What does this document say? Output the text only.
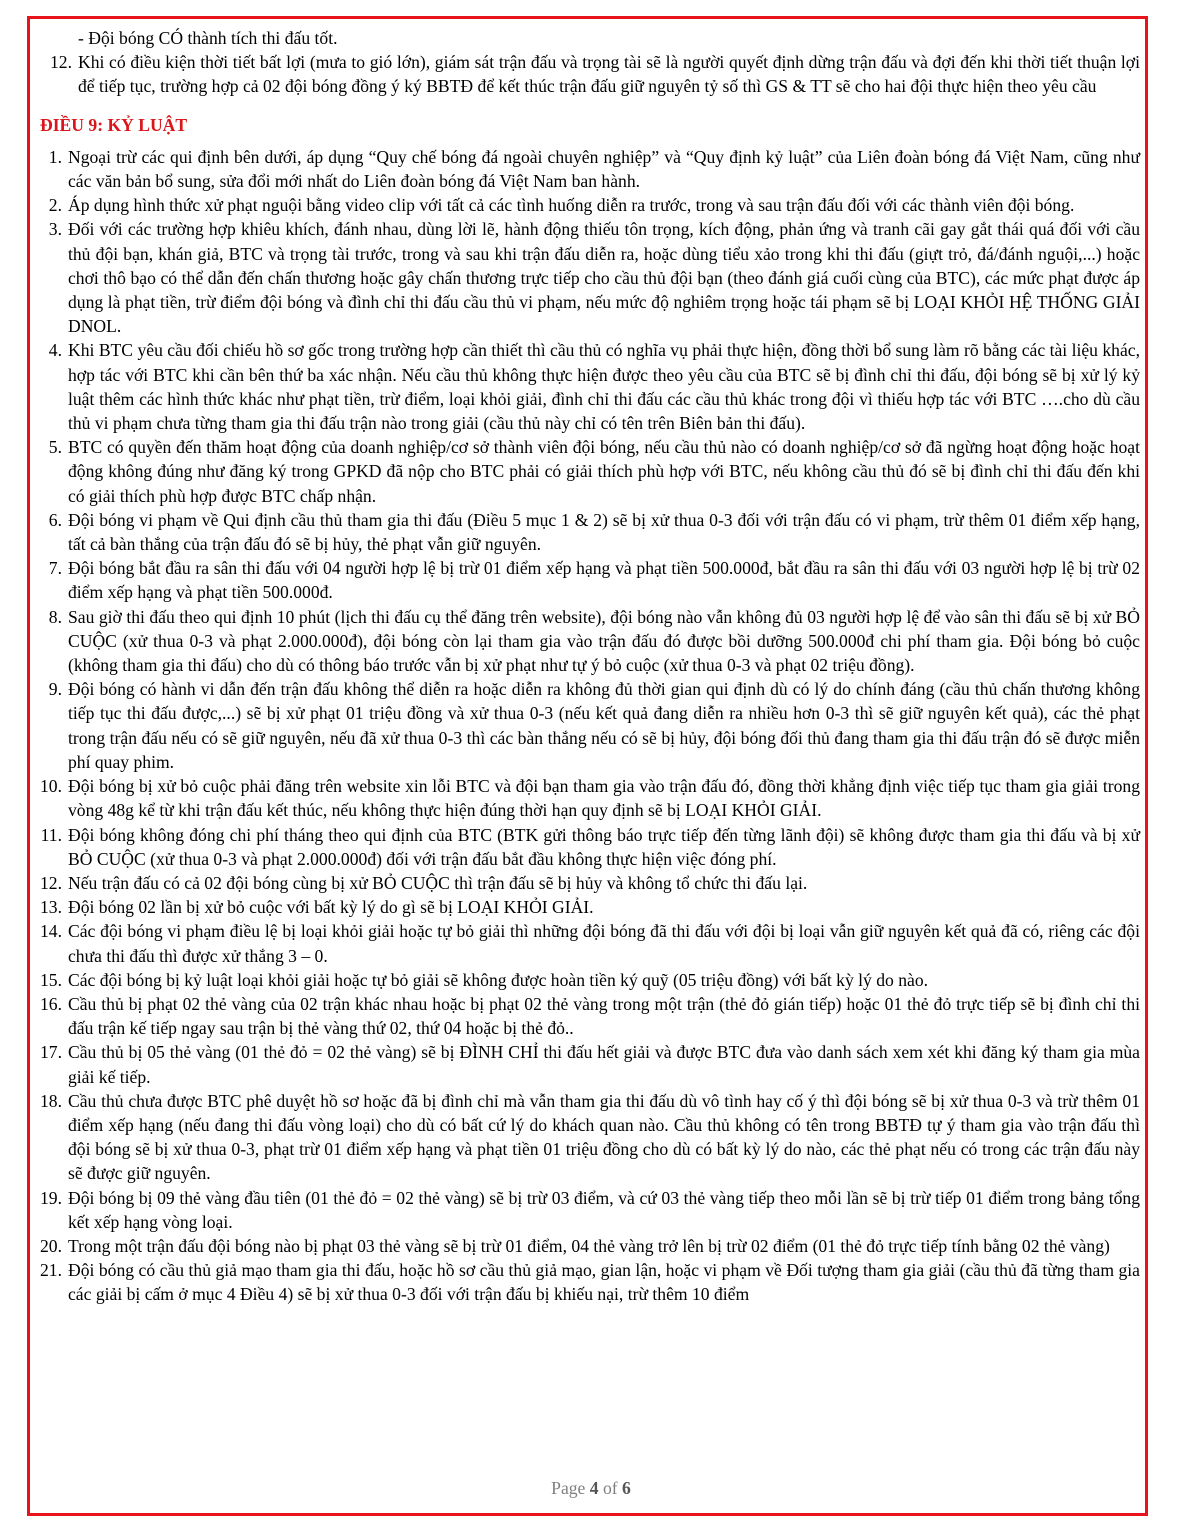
- Đội bóng CÓ thành tích thi đấu tốt.
12. Khi có điều kiện thời tiết bất lợi (mưa to gió lớn), giám sát trận đấu và trọng tài sẽ là người quyết định dừng trận đấu và đợi đến khi thời tiết thuận lợi để tiếp tục, trường hợp cả 02 đội bóng đồng ý ký BBTĐ để kết thúc trận đấu giữ nguyên tỷ số thì GS & TT sẽ cho hai đội thực hiện theo yêu cầu
ĐIỀU 9: KỶ LUẬT
1. Ngoại trừ các qui định bên dưới, áp dụng “Quy chế bóng đá ngoài chuyên nghiệp” và “Quy định kỷ luật” của Liên đoàn bóng đá Việt Nam, cũng như các văn bản bổ sung, sửa đổi mới nhất do Liên đoàn bóng đá Việt Nam ban hành.
2. Áp dụng hình thức xử phạt nguội bằng video clip với tất cả các tình huống diễn ra trước, trong và sau trận đấu đối với các thành viên đội bóng.
3. Đối với các trường hợp khiêu khích, đánh nhau, dùng lời lẽ, hành động thiếu tôn trọng, kích động, phản ứng và tranh cãi gay gắt thái quá đối với cầu thủ đội bạn, khán giả, BTC và trọng tài trước, trong và sau khi trận đấu diễn ra, hoặc dùng tiểu xảo trong khi thi đấu (giựt trỏ, đá/đánh nguội,...) hoặc chơi thô bạo có thể dẫn đến chấn thương hoặc gây chấn thương trực tiếp cho cầu thủ đội bạn (theo đánh giá cuối cùng của BTC), các mức phạt được áp dụng là phạt tiền, trừ điểm đội bóng và đình chỉ thi đấu cầu thủ vi phạm, nếu mức độ nghiêm trọng hoặc tái phạm sẽ bị LOẠI KHỎI HỆ THỐNG GIẢI DNOL.
4. Khi BTC yêu cầu đối chiếu hồ sơ gốc trong trường hợp cần thiết thì cầu thủ có nghĩa vụ phải thực hiện, đồng thời bổ sung làm rõ bằng các tài liệu khác, hợp tác với BTC khi cần bên thứ ba xác nhận. Nếu cầu thủ không thực hiện được theo yêu cầu của BTC sẽ bị đình chỉ thi đấu, đội bóng sẽ bị xử lý kỷ luật thêm các hình thức khác như phạt tiền, trừ điểm, loại khỏi giải, đình chỉ thi đấu các cầu thủ khác trong đội vì thiếu hợp tác với BTC ….cho dù cầu thủ vi phạm chưa từng tham gia thi đấu trận nào trong giải (cầu thủ này chỉ có tên trên Biên bản thi đấu).
5. BTC có quyền đến thăm hoạt động của doanh nghiệp/cơ sở thành viên đội bóng, nếu cầu thủ nào có doanh nghiệp/cơ sở đã ngừng hoạt động hoặc hoạt động không đúng như đăng ký trong GPKD đã nộp cho BTC phải có giải thích phù hợp với BTC, nếu không cầu thủ đó sẽ bị đình chỉ thi đấu đến khi có giải thích phù hợp được BTC chấp nhận.
6. Đội bóng vi phạm về Qui định cầu thủ tham gia thi đấu (Điều 5 mục 1 & 2) sẽ bị xử thua 0-3 đối với trận đấu có vi phạm, trừ thêm 01 điểm xếp hạng, tất cả bàn thắng của trận đấu đó sẽ bị hủy, thẻ phạt vẫn giữ nguyên.
7. Đội bóng bắt đầu ra sân thi đấu với 04 người hợp lệ bị trừ 01 điểm xếp hạng và phạt tiền 500.000đ, bắt đầu ra sân thi đấu với 03 người hợp lệ bị trừ 02 điểm xếp hạng và phạt tiền 500.000đ.
8. Sau giờ thi đấu theo qui định 10 phút (lịch thi đấu cụ thể đăng trên website), đội bóng nào vẫn không đủ 03 người hợp lệ để vào sân thi đấu sẽ bị xử BỎ CUỘC (xử thua 0-3 và phạt 2.000.000đ), đội bóng còn lại tham gia vào trận đấu đó được bồi dưỡng 500.000đ chi phí tham gia. Đội bóng bỏ cuộc (không tham gia thi đấu) cho dù có thông báo trước vẫn bị xử phạt như tự ý bỏ cuộc (xử thua 0-3 và phạt 02 triệu đồng).
9. Đội bóng có hành vi dẫn đến trận đấu không thể diễn ra hoặc diễn ra không đủ thời gian qui định dù có lý do chính đáng (cầu thủ chấn thương không tiếp tục thi đấu được,...) sẽ bị xử phạt 01 triệu đồng và xử thua 0-3 (nếu kết quả đang diễn ra nhiều hơn 0-3 thì sẽ giữ nguyên kết quả), các thẻ phạt trong trận đấu nếu có sẽ giữ nguyên, nếu đã xử thua 0-3 thì các bàn thắng nếu có sẽ bị hủy, đội bóng đối thủ đang tham gia thi đấu trận đó sẽ được miễn phí quay phim.
10. Đội bóng bị xử bỏ cuộc phải đăng trên website xin lỗi BTC và đội bạn tham gia vào trận đấu đó, đồng thời khẳng định việc tiếp tục tham gia giải trong vòng 48g kể từ khi trận đấu kết thúc, nếu không thực hiện đúng thời hạn quy định sẽ bị LOẠI KHỎI GIẢI.
11. Đội bóng không đóng chi phí tháng theo qui định của BTC (BTK gửi thông báo trực tiếp đến từng lãnh đội) sẽ không được tham gia thi đấu và bị xử BỎ CUỘC (xử thua 0-3 và phạt 2.000.000đ) đối với trận đấu bắt đầu không thực hiện việc đóng phí.
12. Nếu trận đấu có cả 02 đội bóng cùng bị xử BỎ CUỘC thì trận đấu sẽ bị hủy và không tổ chức thi đấu lại.
13. Đội bóng 02 lần bị xử bỏ cuộc với bất kỳ lý do gì sẽ bị LOẠI KHỎI GIẢI.
14. Các đội bóng vi phạm điều lệ bị loại khỏi giải hoặc tự bỏ giải thì những đội bóng đã thi đấu với đội bị loại vẫn giữ nguyên kết quả đã có, riêng các đội chưa thi đấu thì được xử thắng 3 – 0.
15. Các đội bóng bị kỷ luật loại khỏi giải hoặc tự bỏ giải sẽ không được hoàn tiền ký quỹ (05 triệu đồng) với bất kỳ lý do nào.
16. Cầu thủ bị phạt 02 thẻ vàng của 02 trận khác nhau hoặc bị phạt 02 thẻ vàng trong một trận (thẻ đỏ gián tiếp) hoặc 01 thẻ đỏ trực tiếp sẽ bị đình chỉ thi đấu trận kế tiếp ngay sau trận bị thẻ vàng thứ 02, thứ 04 hoặc bị thẻ đỏ..
17. Cầu thủ bị 05 thẻ vàng (01 thẻ đỏ = 02 thẻ vàng) sẽ bị ĐÌNH CHỈ thi đấu hết giải và được BTC đưa vào danh sách xem xét khi đăng ký tham gia mùa giải kế tiếp.
18. Cầu thủ chưa được BTC phê duyệt hồ sơ hoặc đã bị đình chỉ mà vẫn tham gia thi đấu dù vô tình hay cố ý thì đội bóng sẽ bị xử thua 0-3 và trừ thêm 01 điểm xếp hạng (nếu đang thi đấu vòng loại) cho dù có bất cứ lý do khách quan nào. Cầu thủ không có tên trong BBTĐ tự ý tham gia vào trận đấu thì đội bóng sẽ bị xử thua 0-3, phạt trừ 01 điểm xếp hạng và phạt tiền 01 triệu đồng cho dù có bất kỳ lý do nào, các thẻ phạt nếu có trong các trận đấu này sẽ được giữ nguyên.
19. Đội bóng bị 09 thẻ vàng đầu tiên (01 thẻ đỏ = 02 thẻ vàng) sẽ bị trừ 03 điểm, và cứ 03 thẻ vàng tiếp theo mỗi lần sẽ bị trừ tiếp 01 điểm trong bảng tổng kết xếp hạng vòng loại.
20. Trong một trận đấu đội bóng nào bị phạt 03 thẻ vàng sẽ bị trừ 01 điểm, 04 thẻ vàng trở lên bị trừ 02 điểm (01 thẻ đỏ trực tiếp tính bằng 02 thẻ vàng)
21. Đội bóng có cầu thủ giả mạo tham gia thi đấu, hoặc hồ sơ cầu thủ giả mạo, gian lận, hoặc vi phạm về Đối tượng tham gia giải (cầu thủ đã từng tham gia các giải bị cấm ở mục 4 Điều 4) sẽ bị xử thua 0-3 đối với trận đấu bị khiếu nại, trừ thêm 10 điểm
Page 4 of 6
